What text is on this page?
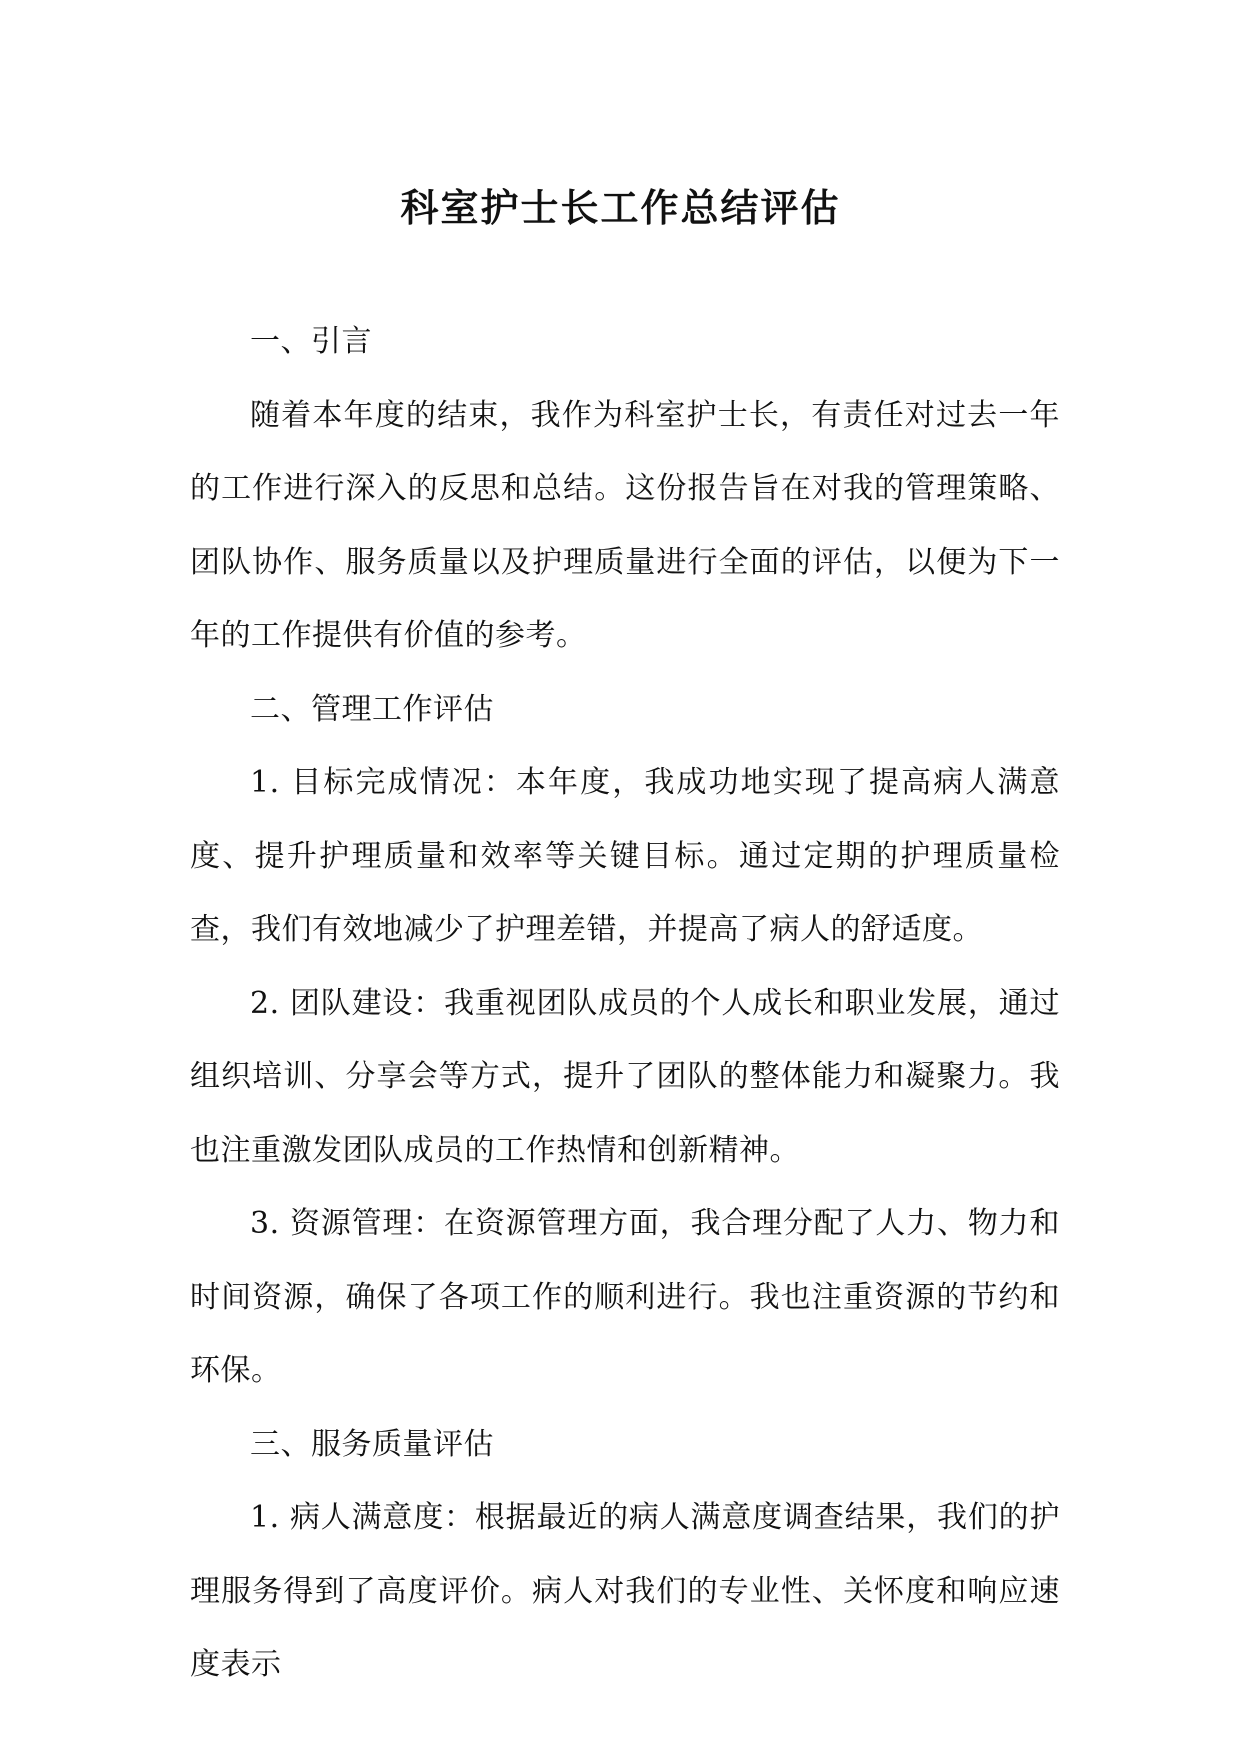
科室护士长工作总结评估
一、引言

随着本年度的结束，我作为科室护士长，有责任对过去一年的工作进行深入的反思和总结。这份报告旨在对我的管理策略、团队协作、服务质量以及护理质量进行全面的评估，以便为下一年的工作提供有价值的参考。

二、管理工作评估

1. 目标完成情况：本年度，我成功地实现了提高病人满意度、提升护理质量和效率等关键目标。通过定期的护理质量检查，我们有效地减少了护理差错，并提高了病人的舒适度。

2. 团队建设：我重视团队成员的个人成长和职业发展，通过组织培训、分享会等方式，提升了团队的整体能力和凝聚力。我也注重激发团队成员的工作热情和创新精神。

3. 资源管理：在资源管理方面，我合理分配了人力、物力和时间资源，确保了各项工作的顺利进行。我也注重资源的节约和环保。

三、服务质量评估

1. 病人满意度：根据最近的病人满意度调查结果，我们的护理服务得到了高度评价。病人对我们的专业性、关怀度和响应速度表示
